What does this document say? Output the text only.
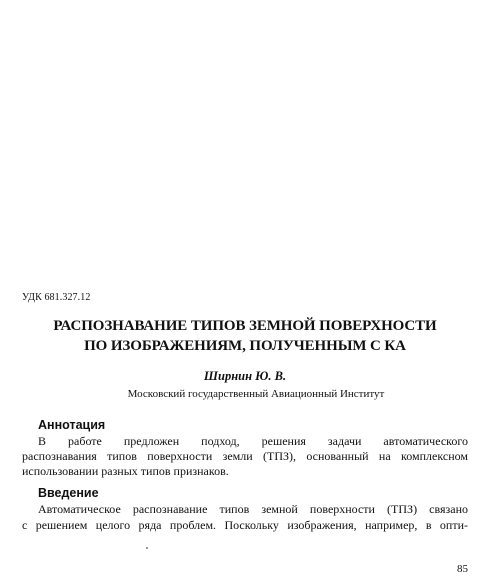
УДК 681.327.12
РАСПОЗНАВАНИЕ ТИПОВ ЗЕМНОЙ ПОВЕРХНОСТИ
ПО ИЗОБРАЖЕНИЯМ, ПОЛУЧЕННЫМ С КА
Ширнин Ю. В.
Московский государственный Авиационный Институт
Аннотация
В работе предложен подход, решения задачи автоматического
распознавания типов поверхности земли (ТПЗ), основанный на комплексном
использовании разных типов признаков.
Введение
Автоматическое распознавание типов земной поверхности (ТПЗ) связано
с решением целого ряда проблем. Поскольку изображения, например, в опти-
85
